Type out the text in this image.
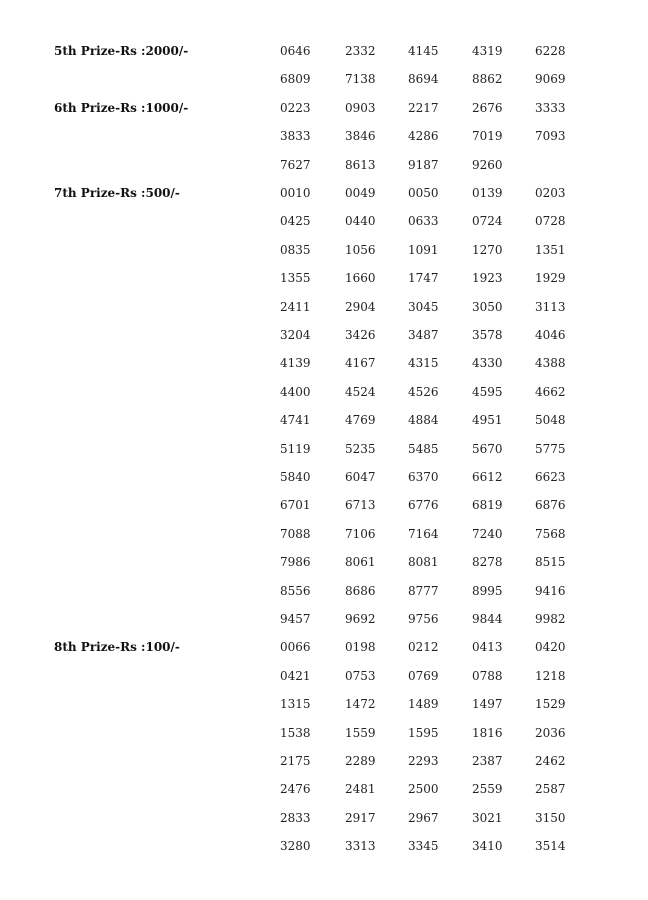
5th Prize-Rs :2000/-	0646	2332	4145	4319	6228
6809	7138	8694	8862	9069
6th Prize-Rs :1000/-	0223	0903	2217	2676	3333
3833	3846	4286	7019	7093
7627	8613	9187	9260
7th Prize-Rs :500/-	0010	0049	0050	0139	0203
0425	0440	0633	0724	0728
0835	1056	1091	1270	1351
1355	1660	1747	1923	1929
2411	2904	3045	3050	3113
3204	3426	3487	3578	4046
4139	4167	4315	4330	4388
4400	4524	4526	4595	4662
4741	4769	4884	4951	5048
5119	5235	5485	5670	5775
5840	6047	6370	6612	6623
6701	6713	6776	6819	6876
7088	7106	7164	7240	7568
7986	8061	8081	8278	8515
8556	8686	8777	8995	9416
9457	9692	9756	9844	9982
8th Prize-Rs :100/-	0066	0198	0212	0413	0420
0421	0753	0769	0788	1218
1315	1472	1489	1497	1529
1538	1559	1595	1816	2036
2175	2289	2293	2387	2462
2476	2481	2500	2559	2587
2833	2917	2967	3021	3150
3280	3313	3345	3410	3514
